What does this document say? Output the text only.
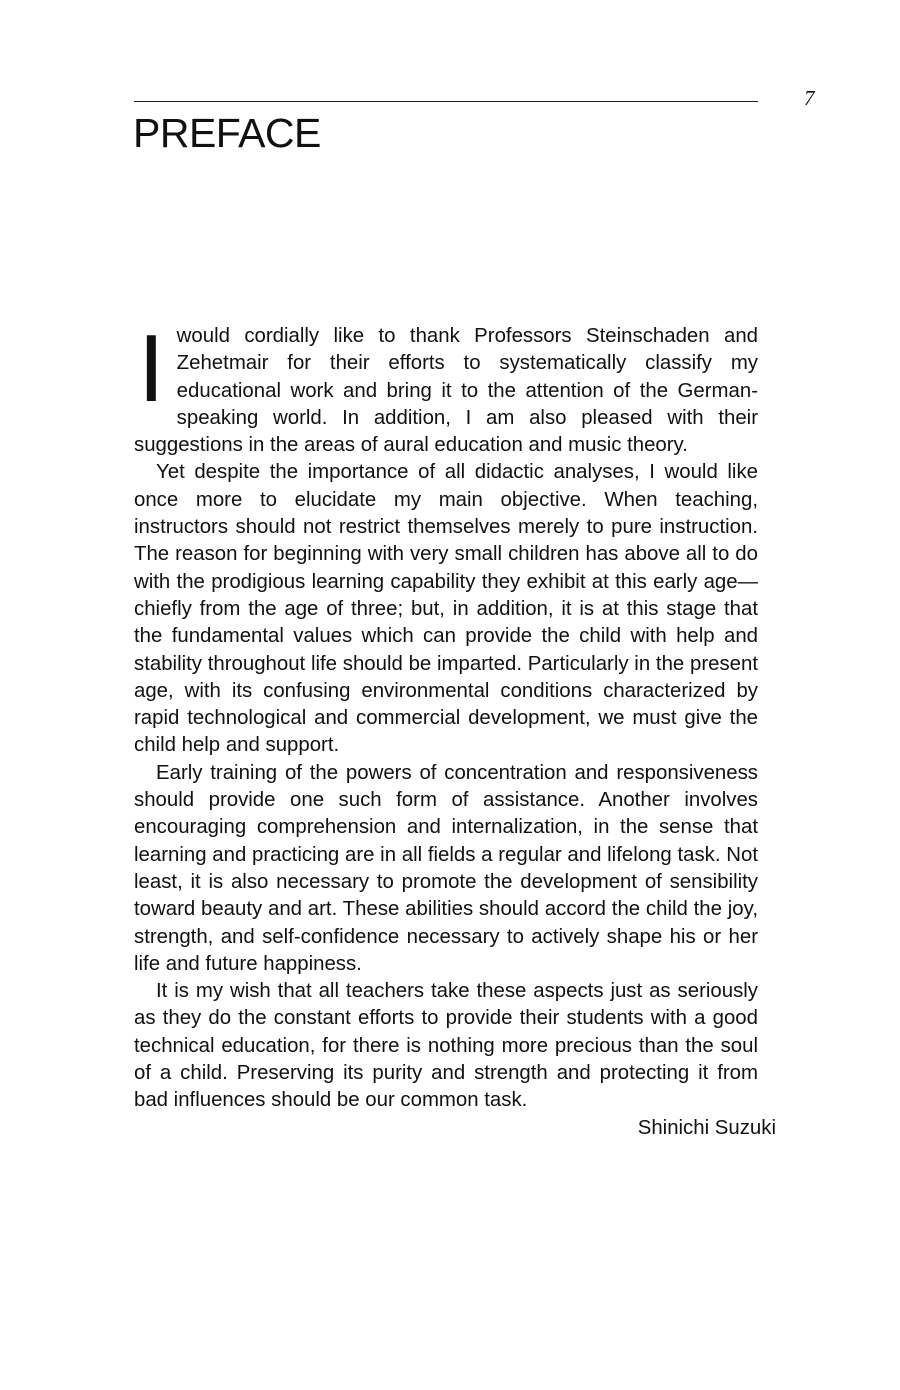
7
PREFACE

Iwould cordially like to thank Professors Steinschaden and Zehetmair for their efforts to systematically classify my educational work and bring it to the attention of the German-speaking world. In addition, I am also pleased with their suggestions in the areas of aural education and music theory.

Yet despite the importance of all didactic analyses, I would like once more to elucidate my main objective. When teaching, instructors should not restrict themselves merely to pure instruction. The reason for beginning with very small children has above all to do with the prodigious learning capability they exhibit at this early age—chiefly from the age of three; but, in addition, it is at this stage that the fundamental values which can provide the child with help and stability throughout life should be imparted. Particularly in the present age, with its confusing environmental conditions characterized by rapid technological and commercial development, we must give the child help and support.

Early training of the powers of concentration and responsiveness should provide one such form of assistance. Another involves encouraging comprehension and internalization, in the sense that learning and practicing are in all fields a regular and lifelong task. Not least, it is also necessary to promote the development of sensibility toward beauty and art. These abilities should accord the child the joy, strength, and self-confidence necessary to actively shape his or her life and future happiness.

It is my wish that all teachers take these aspects just as seriously as they do the constant efforts to provide their students with a good technical education, for there is nothing more precious than the soul of a child. Preserving its purity and strength and protecting it from bad influences should be our common task.

Shinichi Suzuki
